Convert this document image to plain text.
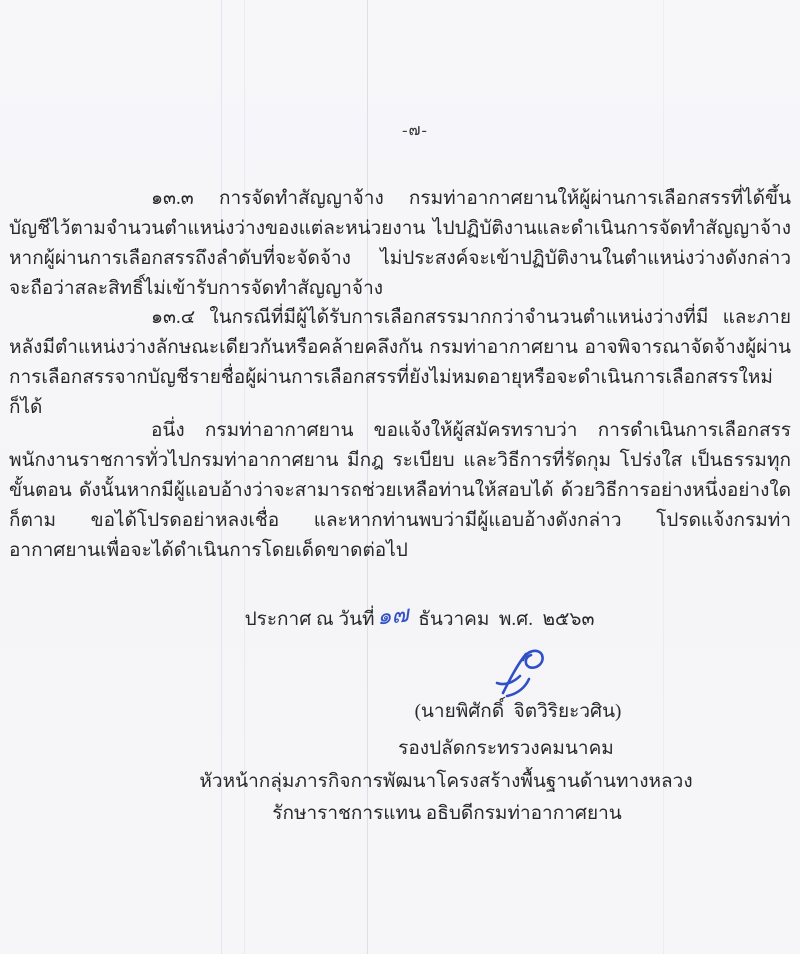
-๗-

๑๓.๓ การจัดทำสัญญาจ้าง กรมท่าอากาศยานให้ผู้ผ่านการเลือกสรรที่ได้ขึ้นบัญชีไว้ตามจำนวนตำแหน่งว่างของแต่ละหน่วยงาน ไปปฏิบัติงานและดำเนินการจัดทำสัญญาจ้าง หากผู้ผ่านการเลือกสรรถึงลำดับที่จะจัดจ้าง ไม่ประสงค์จะเข้าปฏิบัติงานในตำแหน่งว่างดังกล่าว จะถือว่าสละสิทธิ์ไม่เข้ารับการจัดทำสัญญาจ้าง

๑๓.๔ ในกรณีที่มีผู้ได้รับการเลือกสรรมากกว่าจำนวนตำแหน่งว่างที่มี และภายหลังมีตำแหน่งว่างลักษณะเดียวกันหรือคล้ายคลึงกัน กรมท่าอากาศยาน อาจพิจารณาจัดจ้างผู้ผ่านการเลือกสรรจากบัญชีรายชื่อผู้ผ่านการเลือกสรรที่ยังไม่หมดอายุหรือจะดำเนินการเลือกสรรใหม่ก็ได้

อนึ่ง กรมท่าอากาศยาน ขอแจ้งให้ผู้สมัครทราบว่า การดำเนินการเลือกสรรพนักงานราชการทั่วไปกรมท่าอากาศยาน มีกฎ ระเบียบ และวิธีการที่รัดกุม โปร่งใส เป็นธรรมทุกขั้นตอน ดังนั้นหากมีผู้แอบอ้างว่าจะสามารถช่วยเหลือท่านให้สอบได้ ด้วยวิธีการอย่างหนึ่งอย่างใดก็ตาม ขอได้โปรดอย่าหลงเชื่อ และหากท่านพบว่ามีผู้แอบอ้างดังกล่าว โปรดแจ้งกรมท่าอากาศยานเพื่อจะได้ดำเนินการโดยเด็ดขาดต่อไป

ประกาศ ณ วันที่๑๗ ธันวาคม  พ.ศ.  ๒๕๖๓

(นายพิศักดิ์  จิตวิริยะวศิน)
รองปลัดกระทรวงคมนาคม
หัวหน้ากลุ่มภารกิจการพัฒนาโครงสร้างพื้นฐานด้านทางหลวง
รักษาราชการแทน อธิบดีกรมท่าอากาศยาน
